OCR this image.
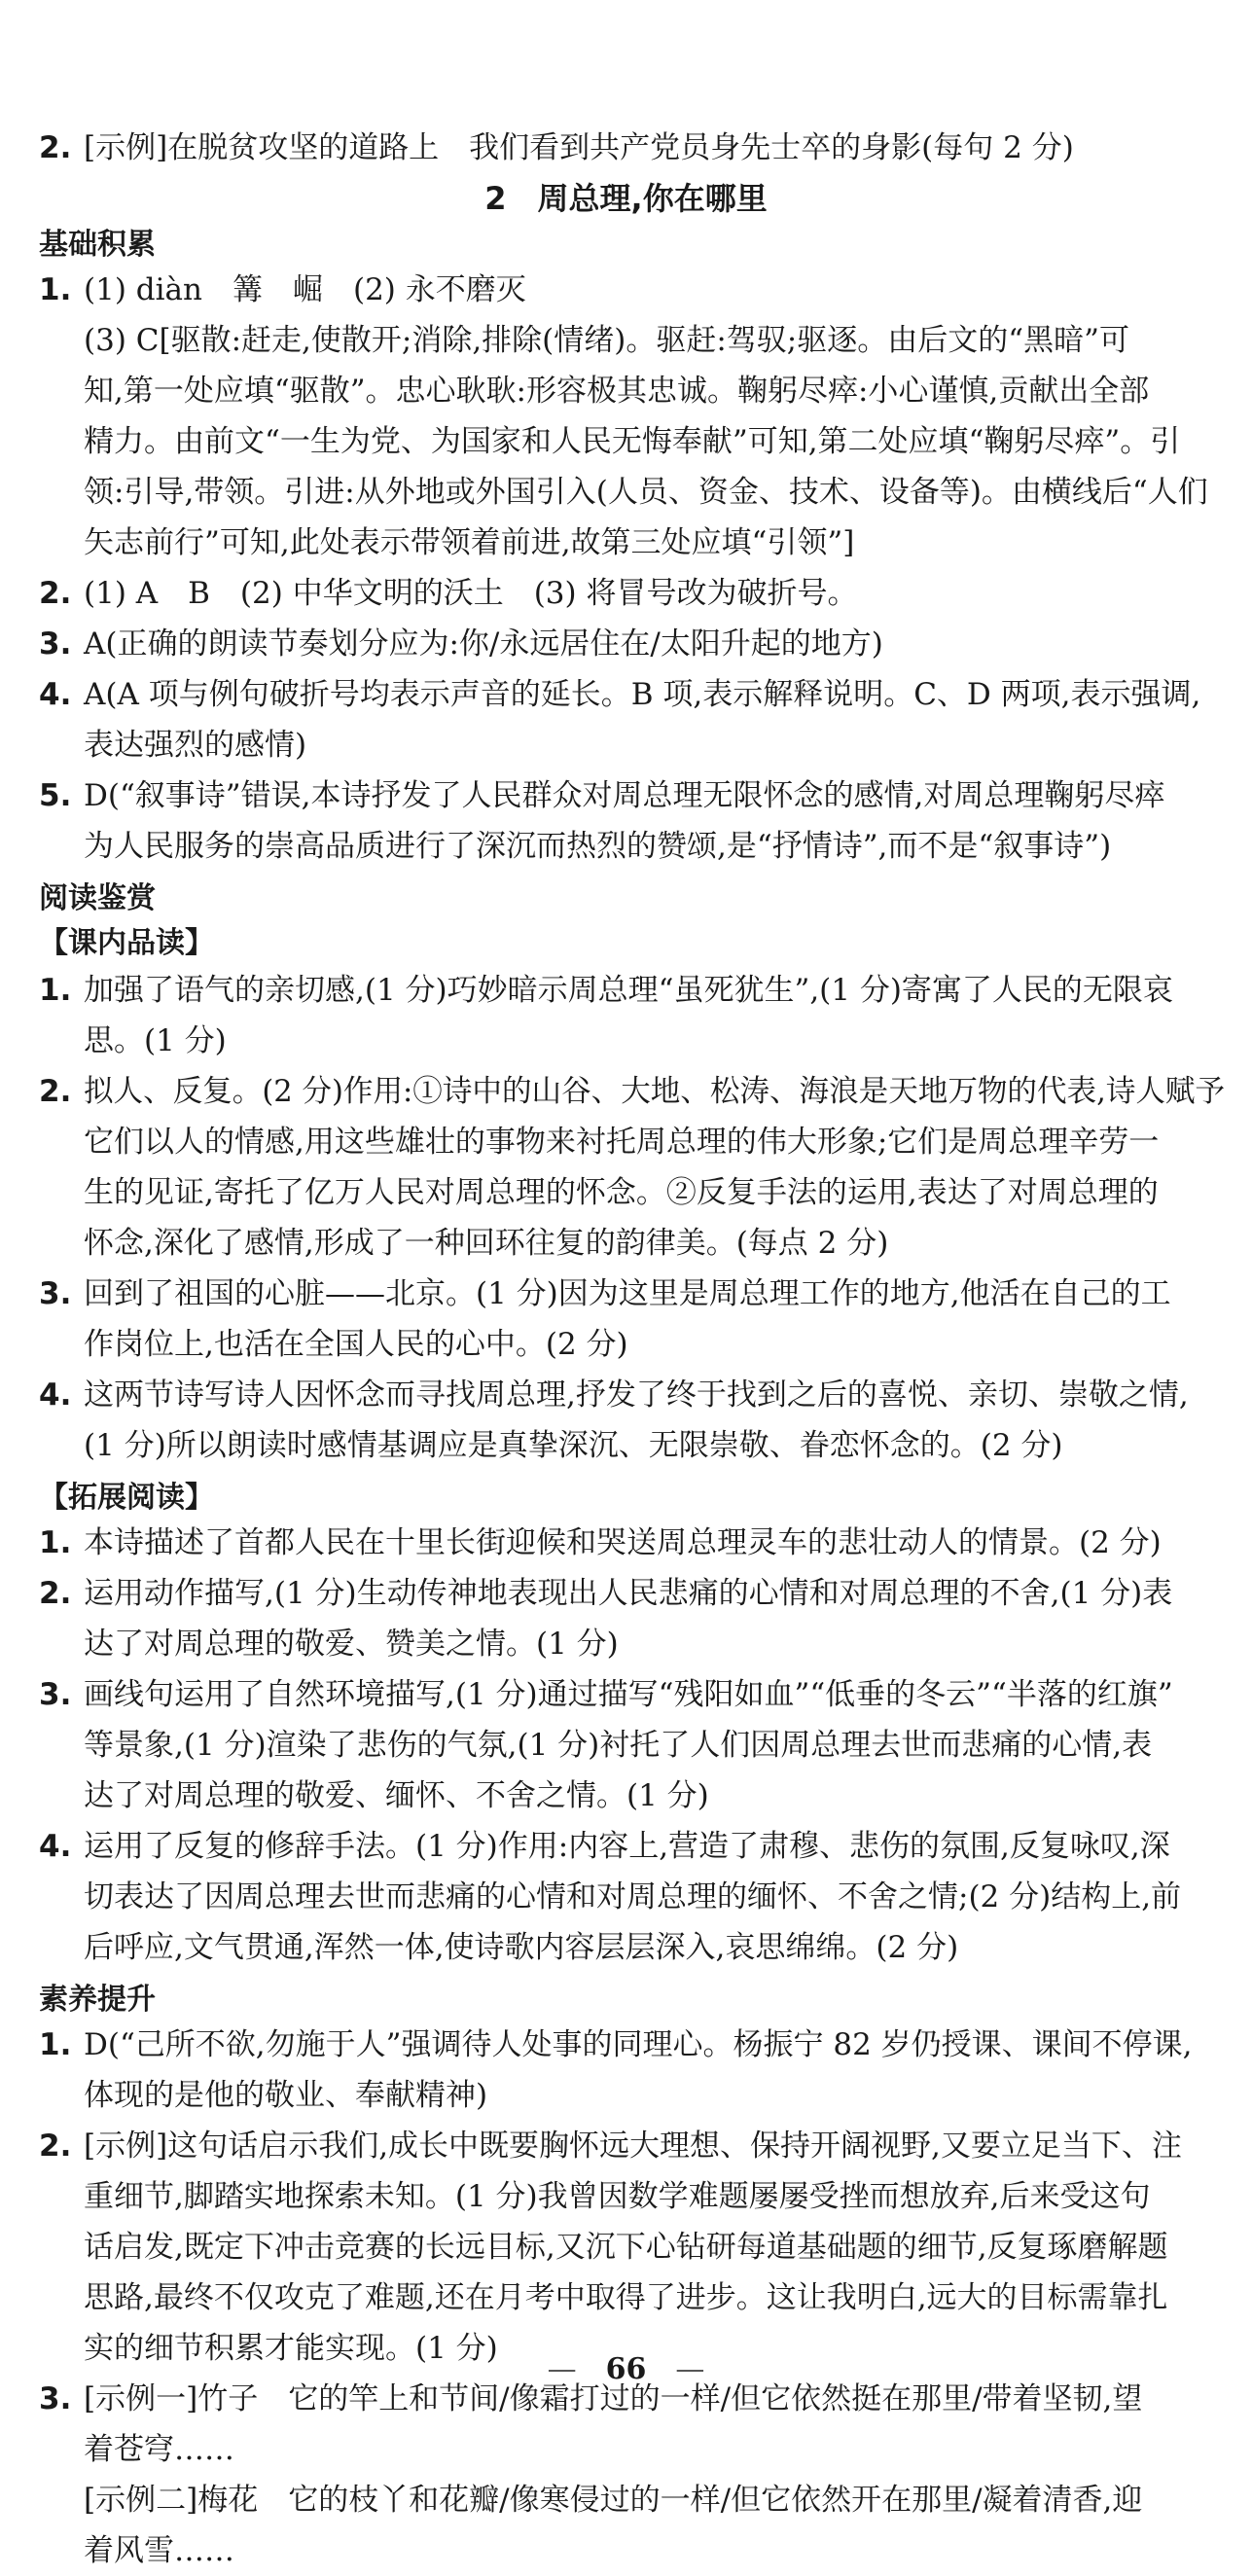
2　周总理,你在哪里
—　66　—
2. [示例]在脱贫攻坚的道路上　我们看到共产党员身先士卒的身影(每句 2 分)
基础积累
1. (1) diàn　篝　崛　(2) 永不磨灭
(3) C[驱散:赶走,使散开;消除,排除(情绪)。驱赶:驾驭;驱逐。由后文的“黑暗”可
知,第一处应填“驱散”。忠心耿耿:形容极其忠诚。鞠躬尽瘁:小心谨慎,贡献出全部
精力。由前文“一生为党、为国家和人民无悔奉献”可知,第二处应填“鞠躬尽瘁”。引
领:引导,带领。引进:从外地或外国引入(人员、资金、技术、设备等)。由横线后“人们
矢志前行”可知,此处表示带领着前进,故第三处应填“引领”]
2. (1) A　B　(2) 中华文明的沃土　(3) 将冒号改为破折号。
3. A(正确的朗读节奏划分应为:你/永远居住在/太阳升起的地方)
4. A(A 项与例句破折号均表示声音的延长。B 项,表示解释说明。C、D 两项,表示强调,
表达强烈的感情)
5. D(“叙事诗”错误,本诗抒发了人民群众对周总理无限怀念的感情,对周总理鞠躬尽瘁
为人民服务的崇高品质进行了深沉而热烈的赞颂,是“抒情诗”,而不是“叙事诗”)
阅读鉴赏
【课内品读】
1. 加强了语气的亲切感,(1 分)巧妙暗示周总理“虽死犹生”,(1 分)寄寓了人民的无限哀
思。(1 分)
2. 拟人、反复。(2 分)作用:①诗中的山谷、大地、松涛、海浪是天地万物的代表,诗人赋予
它们以人的情感,用这些雄壮的事物来衬托周总理的伟大形象;它们是周总理辛劳一
生的见证,寄托了亿万人民对周总理的怀念。②反复手法的运用,表达了对周总理的
怀念,深化了感情,形成了一种回环往复的韵律美。(每点 2 分)
3. 回到了祖国的心脏——北京。(1 分)因为这里是周总理工作的地方,他活在自己的工
作岗位上,也活在全国人民的心中。(2 分)
4. 这两节诗写诗人因怀念而寻找周总理,抒发了终于找到之后的喜悦、亲切、崇敬之情,
(1 分)所以朗读时感情基调应是真挚深沉、无限崇敬、眷恋怀念的。(2 分)
【拓展阅读】
1. 本诗描述了首都人民在十里长街迎候和哭送周总理灵车的悲壮动人的情景。(2 分)
2. 运用动作描写,(1 分)生动传神地表现出人民悲痛的心情和对周总理的不舍,(1 分)表
达了对周总理的敬爱、赞美之情。(1 分)
3. 画线句运用了自然环境描写,(1 分)通过描写“残阳如血”“低垂的冬云”“半落的红旗”
等景象,(1 分)渲染了悲伤的气氛,(1 分)衬托了人们因周总理去世而悲痛的心情,表
达了对周总理的敬爱、缅怀、不舍之情。(1 分)
4. 运用了反复的修辞手法。(1 分)作用:内容上,营造了肃穆、悲伤的氛围,反复咏叹,深
切表达了因周总理去世而悲痛的心情和对周总理的缅怀、不舍之情;(2 分)结构上,前
后呼应,文气贯通,浑然一体,使诗歌内容层层深入,哀思绵绵。(2 分)
素养提升
1. D(“己所不欲,勿施于人”强调待人处事的同理心。杨振宁 82 岁仍授课、课间不停课,
体现的是他的敬业、奉献精神)
2. [示例]这句话启示我们,成长中既要胸怀远大理想、保持开阔视野,又要立足当下、注
重细节,脚踏实地探索未知。(1 分)我曾因数学难题屡屡受挫而想放弃,后来受这句
话启发,既定下冲击竞赛的长远目标,又沉下心钻研每道基础题的细节,反复琢磨解题
思路,最终不仅攻克了难题,还在月考中取得了进步。这让我明白,远大的目标需靠扎
实的细节积累才能实现。(1 分)
3. [示例一]竹子　它的竿上和节间/像霜打过的一样/但它依然挺在那里/带着坚韧,望
着苍穹……
[示例二]梅花　它的枝丫和花瓣/像寒侵过的一样/但它依然开在那里/凝着清香,迎
着风雪……
